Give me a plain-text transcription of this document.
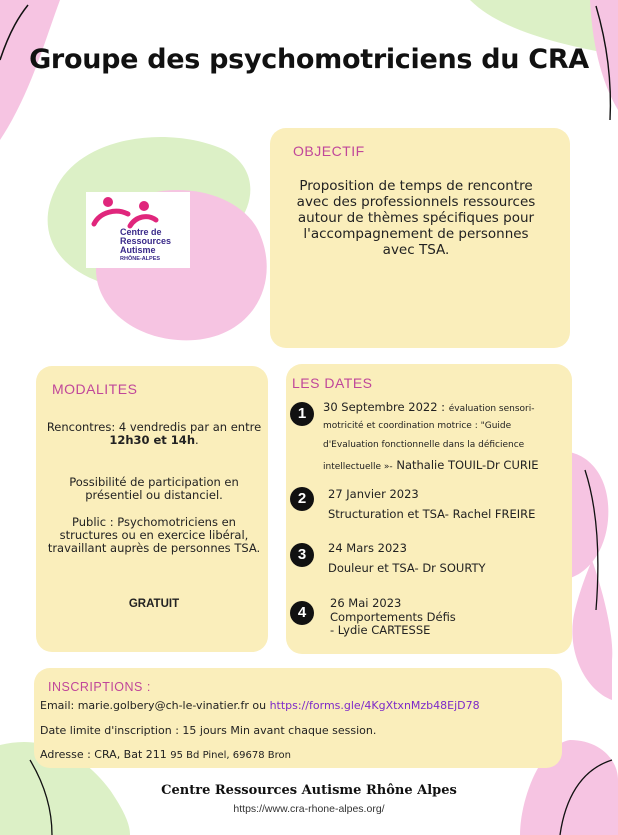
Groupe des psychomotriciens du CRA
Centre de
Ressources
Autisme
RHÔNE-ALPES
OBJECTIF
Proposition de temps de rencontre avec des professionnels ressources autour de thèmes spécifiques pour l'accompagnement de personnes avec TSA.
MODALITES
Rencontres: 4 vendredis par an entre 12h30 et 14h.
Possibilité de participation en présentiel ou distanciel.
Public : Psychomotriciens en structures ou en exercice libéral, travaillant auprès de personnes TSA.
GRATUIT
LES DATES
1	30 Septembre 2022 : évaluation sensori-
motricité et coordination motrice : "Guide
d'Evaluation fonctionnelle dans la déficience
intellectuelle »- Nathalie TOUIL-Dr CURIE
2	27 Janvier 2023
Structuration et TSA- Rachel FREIRE
3	24 Mars 2023
Douleur et TSA- Dr SOURTY
4
26 Mai 2023
Comportements Défis
- Lydie CARTESSE
INSCRIPTIONS :
Email: marie.golbery@ch-le-vinatier.fr ou https://forms.gle/4KgXtxnMzb48EjD78
Date limite d'inscription : 15 jours Min avant chaque session.
Adresse : CRA, Bat 211 95 Bd Pinel, 69678 Bron
Centre Ressources Autisme Rhône Alpes
https://www.cra-rhone-alpes.org/
